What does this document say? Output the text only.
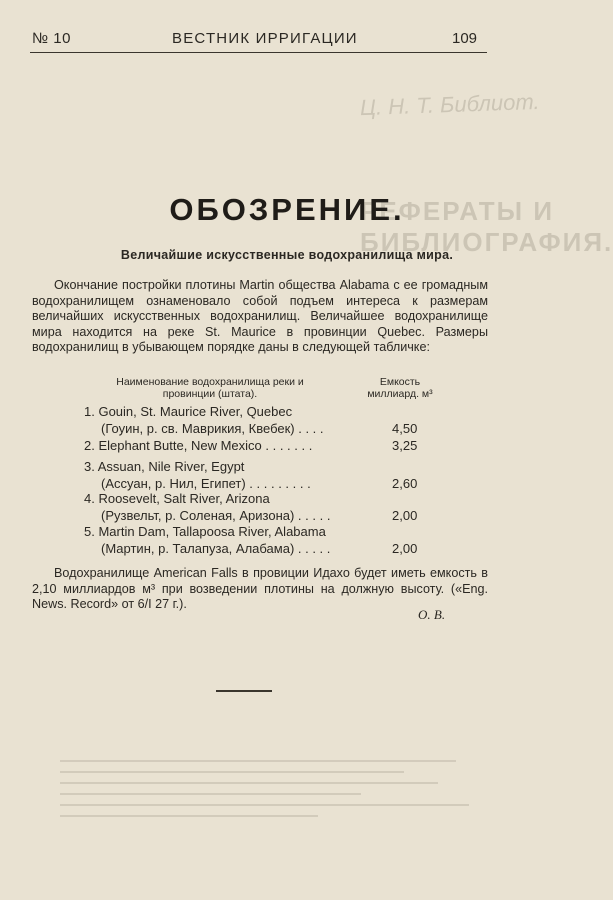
№ 10	ВЕСТНИК ИРРИГАЦИИ	109
Ц. Н. Т. Библиот.
РЕФЕРАТЫ И БИБЛИОГРАФИЯ.
ОБОЗРЕНИЕ.
Величайшие искусственные водохранилища мира.
Окончание постройки плотины Martin общества Alabama с ее громадным водохранилищем ознаменовало собой подъем интереса к размерам величайших искусственных водохранилищ. Величайшее водохранилище мира находится на реке St. Maurice в провинции Quebec. Размеры водохранилищ в убывающем порядке даны в следующей табличке:
Наименование водохранилища реки и провинции (штата).
Емкость миллиард. м³
1. Gouin, St. Maurice River, Quebec
(Гоуин, р. св. Маврикия, Квебек) . . . .	4,50
2. Elephant Butte, New Mexico . . . . . . .	3,25
3. Assuan, Nile River, Egypt
(Ассуан, р. Нил, Египет) . . . . . . . . .	2,60
4. Roosevelt, Salt River, Arizona
(Рузвельт, р. Соленая, Аризона) . . . . .	2,00
5. Martin Dam, Tallapoosa River, Alabama
(Мартин, р. Талапуза, Алабама) . . . . .	2,00
Водохранилище American Falls в провиции Идахо будет иметь емкость в 2,10 миллиардов м³ при возведении плотины на должную высоту. («Eng. News. Record» от 6/I 27 г.).
О. В.
